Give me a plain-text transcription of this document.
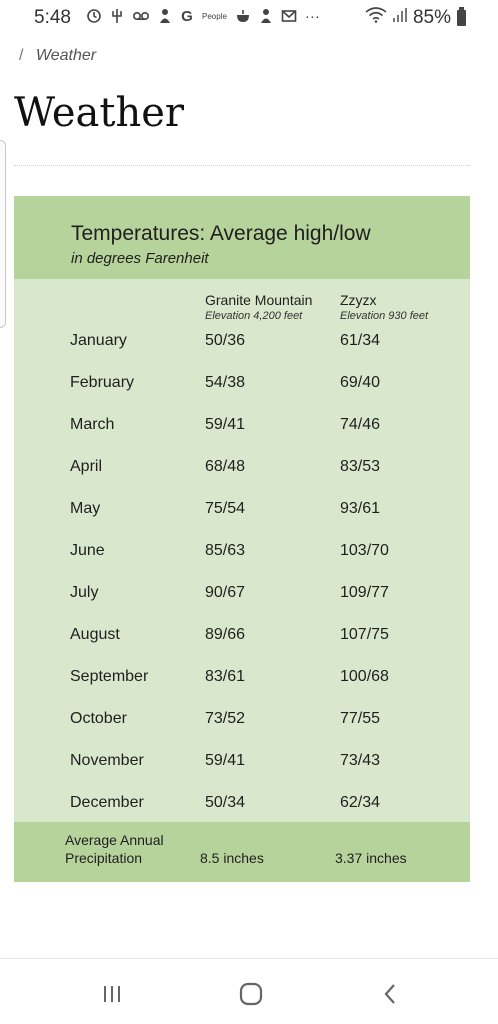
5:48	G People	···	85%
/ Weather
Weather
Temperatures: Average high/low
in degrees Farenheit
Granite Mountain
Elevation 4,200 feet
Zzyzx
Elevation 930 feet
January	50/36	61/34
February	54/38	69/40
March	59/41	74/46
April	68/48	83/53
May	75/54	93/61
June	85/63	103/70
July	90/67	109/77
August	89/66	107/75
September	83/61	100/68
October	73/52	77/55
November	59/41	73/43
December	50/34	62/34
Average Annual
Precipitation	8.5 inches	3.37 inches
